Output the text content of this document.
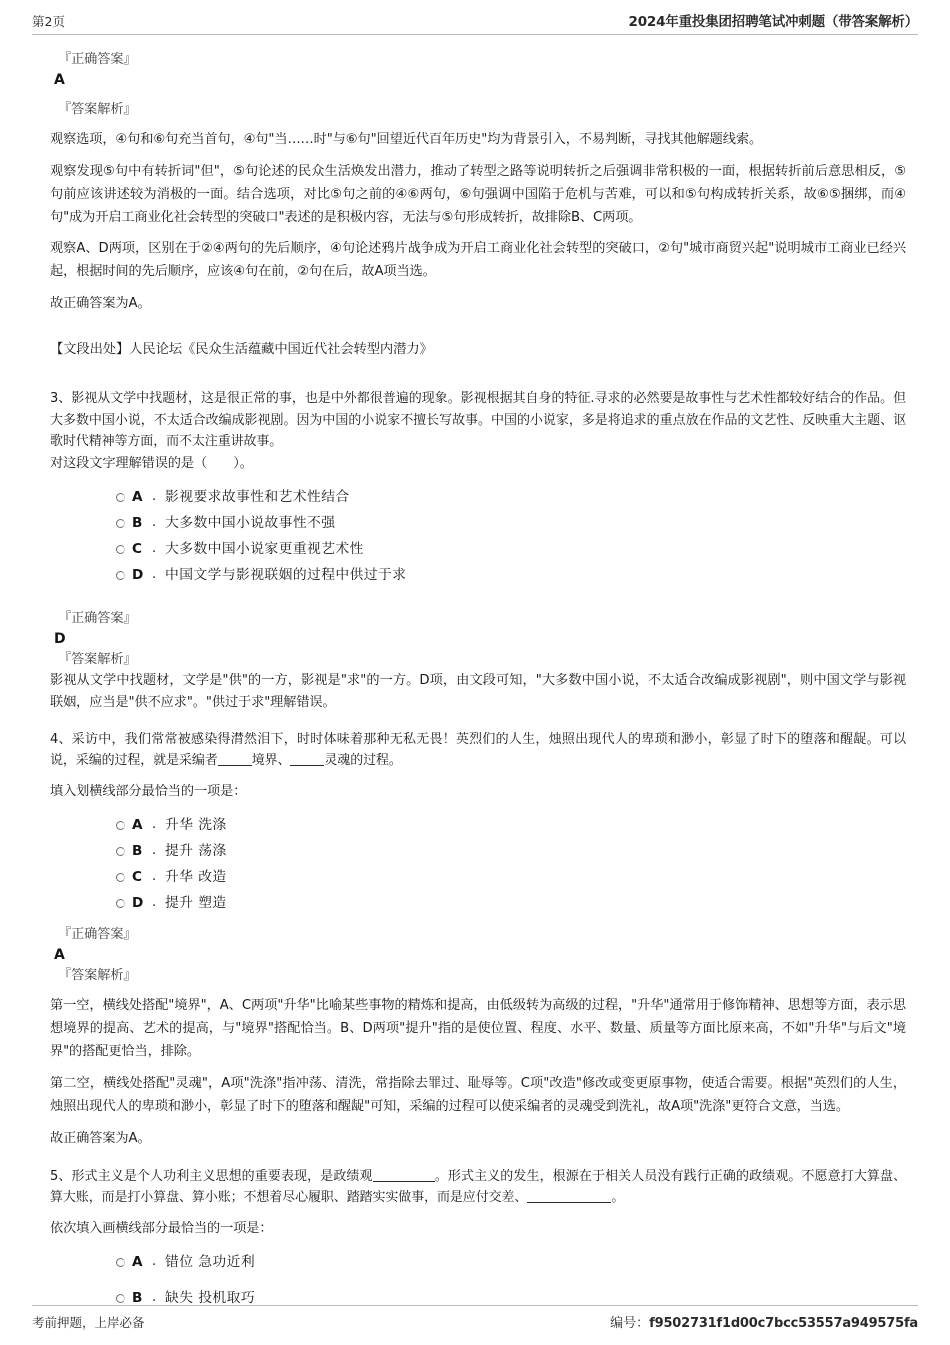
第2页	2024年重投集团招聘笔试冲刺题（带答案解析）
『正确答案』
A
『答案解析』

观察选项，④句和⑥句充当首句，④句"当……时"与⑥句"回望近代百年历史"均为背景引入，不易判断，寻找其他解题线索。

观察发现⑤句中有转折词"但"，⑤句论述的民众生活焕发出潜力，推动了转型之路等说明转折之后强调非常积极的一面，根据转折前后意思相反，⑤句前应该讲述较为消极的一面。结合选项，对比⑤句之前的④⑥两句，⑥句强调中国陷于危机与苦难，可以和⑤句构成转折关系，故⑥⑤捆绑，而④句"成为开启工商业化社会转型的突破口"表述的是积极内容，无法与⑤句形成转折，故排除B、C两项。

观察A、D两项，区别在于②④两句的先后顺序，④句论述鸦片战争成为开启工商业化社会转型的突破口，②句"城市商贸兴起"说明城市工商业已经兴起，根据时间的先后顺序，应该④句在前，②句在后，故A项当选。

故正确答案为A。

【文段出处】人民论坛《民众生活蕴藏中国近代社会转型内潜力》

3、影视从文学中找题材，这是很正常的事，也是中外都很普遍的现象。影视根据其自身的特征.寻求的必然要是故事性与艺术性都较好结合的作品。但大多数中国小说，不太适合改编成影视剧。因为中国的小说家不擅长写故事。中国的小说家，多是将追求的重点放在作品的文艺性、反映重大主题、讴歌时代精神等方面，而不太注重讲故事。

对这段文字理解错误的是（　　）。

A . 影视要求故事性和艺术性结合
B . 大多数中国小说故事性不强
C . 大多数中国小说家更重视艺术性
D . 中国文学与影视联姻的过程中供过于求
『正确答案』
D
『答案解析』

影视从文学中找题材，文学是"供"的一方，影视是"求"的一方。D项，由文段可知，"大多数中国小说，不太适合改编成影视剧"，则中国文学与影视联姻，应当是"供不应求"。"供过于求"理解错误。

4、采访中，我们常常被感染得潸然泪下，时时体味着那种无私无畏！英烈们的人生，烛照出现代人的卑琐和渺小，彰显了时下的堕落和醒龊。可以说，采编的过程，就是采编者	境界、	灵魂的过程。

填入划横线部分最恰当的一项是：

A . 升华 洗涤
B . 提升 荡涤
C . 升华 改造
D . 提升 塑造
『正确答案』
A
『答案解析』

第一空，横线处搭配"境界"，A、C两项"升华"比喻某些事物的精炼和提高，由低级转为高级的过程，"升华"通常用于修饰精神、思想等方面，表示思想境界的提高、艺术的提高，与"境界"搭配恰当。B、D两项"提升"指的是使位置、程度、水平、数量、质量等方面比原来高，不如"升华"与后文"境界"的搭配更恰当，排除。

第二空，横线处搭配"灵魂"，A项"洗涤"指冲荡、清洗，常指除去罪过、耻辱等。C项"改造"修改或变更原事物，使适合需要。根据"英烈们的人生，烛照出现代人的卑琐和渺小，彰显了时下的堕落和醒龊"可知，采编的过程可以使采编者的灵魂受到洗礼，故A项"洗涤"更符合文意，当选。

故正确答案为A。

5、形式主义是个人功利主义思想的重要表现，是政绩观	。形式主义的发生，根源在于相关人员没有践行正确的政绩观。不愿意打大算盘、算大账，而是打小算盘、算小账；不想着尽心履职、踏踏实实做事，而是应付交差、	。

依次填入画横线部分最恰当的一项是：

A . 错位 急功近利
B . 缺失 投机取巧
考前押题，上岸必备	编号：f9502731f1d00c7bcc53557a949575fa
